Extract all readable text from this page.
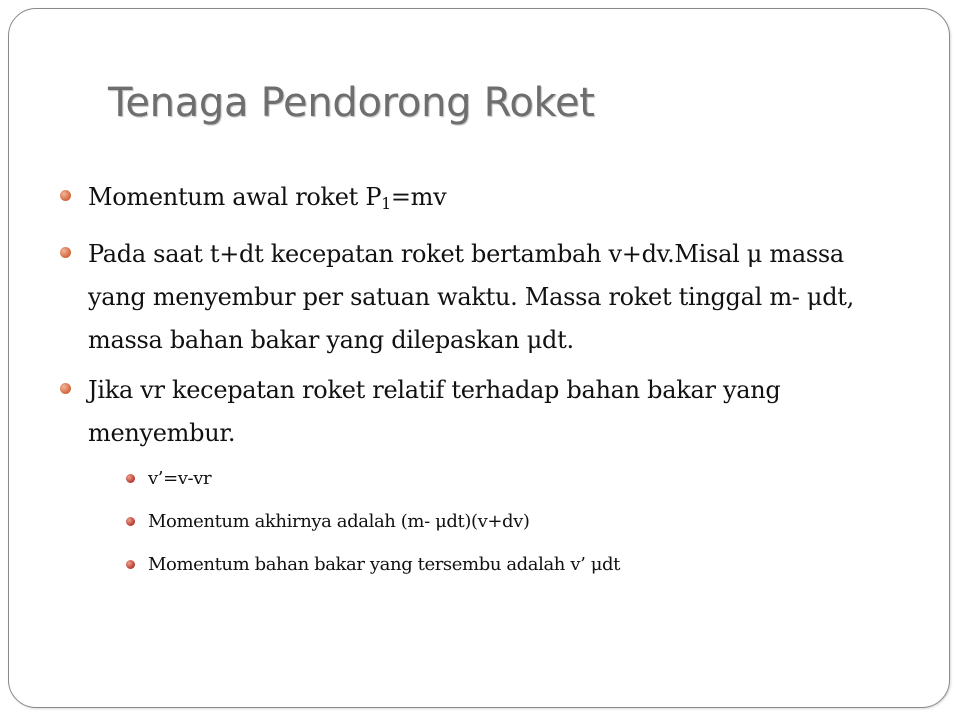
Tenaga Pendorong Roket
Momentum awal roket $P_1=mv$
Pada saat t+dt kecepatan roket bertambah v+dv.Misal μ massa yang menyembur per satuan waktu. Massa roket tinggal m- μdt, massa bahan bakar yang dilepaskan μdt.
Jika vr kecepatan roket relatif terhadap bahan bakar yang menyembur.
v’=v-vr
Momentum akhirnya adalah (m- μdt)(v+dv)
Momentum bahan bakar yang tersembu adalah v’ μdt
